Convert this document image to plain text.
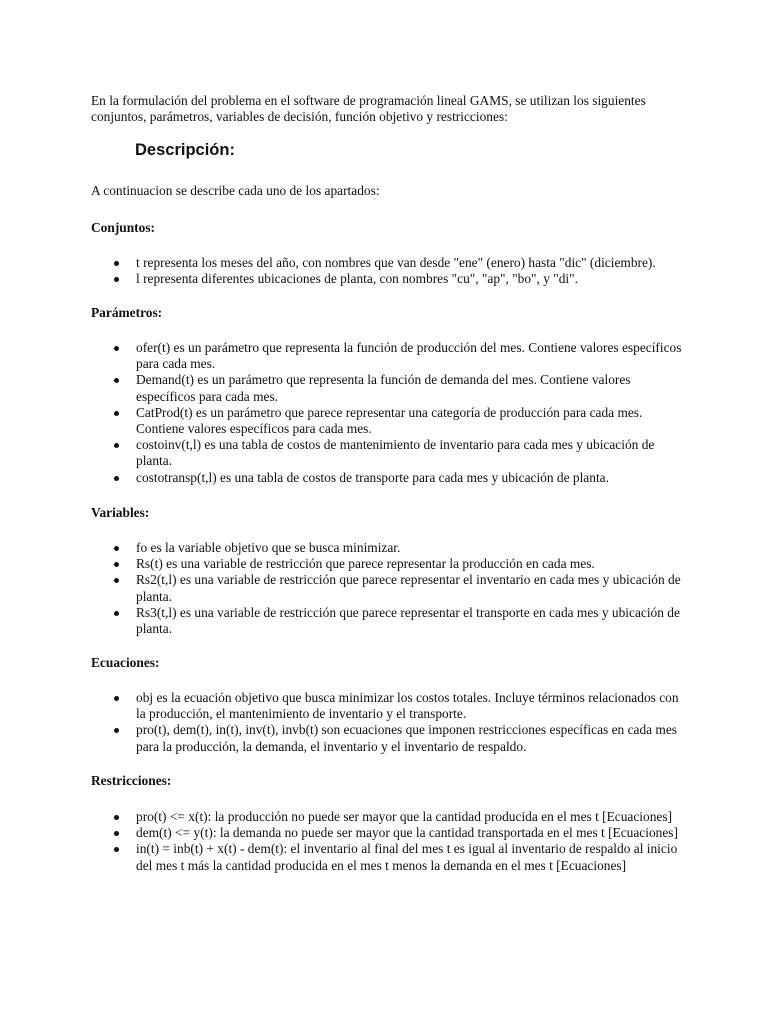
En la formulación del problema en el software de programación lineal GAMS, se utilizan los siguientes conjuntos, parámetros, variables de decisión, función objetivo y restricciones:

Descripción:

A continuacion se describe cada uno de los apartados:

Conjuntos:

t representa los meses del año, con nombres que van desde "ene" (enero) hasta "dic" (diciembre).
l representa diferentes ubicaciones de planta, con nombres "cu", "ap", "bo", y "di".

Parámetros:

ofer(t) es un parámetro que representa la función de producción del mes. Contiene valores específicos para cada mes.
Demand(t) es un parámetro que representa la función de demanda del mes. Contiene valores específicos para cada mes.
CatProd(t) es un parámetro que parece representar una categoría de producción para cada mes. Contiene valores específicos para cada mes.
costoinv(t,l) es una tabla de costos de mantenimiento de inventario para cada mes y ubicación de planta.
costotransp(t,l) es una tabla de costos de transporte para cada mes y ubicación de planta.

Variables:

fo es la variable objetivo que se busca minimizar.
Rs(t) es una variable de restricción que parece representar la producción en cada mes.
Rs2(t,l) es una variable de restricción que parece representar el inventario en cada mes y ubicación de planta.
Rs3(t,l) es una variable de restricción que parece representar el transporte en cada mes y ubicación de planta.

Ecuaciones:

obj es la ecuación objetivo que busca minimizar los costos totales. Incluye términos relacionados con la producción, el mantenimiento de inventario y el transporte.
pro(t), dem(t), in(t), inv(t), invb(t) son ecuaciones que imponen restricciones específicas en cada mes para la producción, la demanda, el inventario y el inventario de respaldo.

Restricciones:

pro(t) <= x(t): la producción no puede ser mayor que la cantidad producida en el mes t [Ecuaciones]
dem(t) <= y(t): la demanda no puede ser mayor que la cantidad transportada en el mes t [Ecuaciones]
in(t) = inb(t) + x(t) - dem(t): el inventario al final del mes t es igual al inventario de respaldo al inicio del mes t más la cantidad producida en el mes t menos la demanda en el mes t [Ecuaciones]
